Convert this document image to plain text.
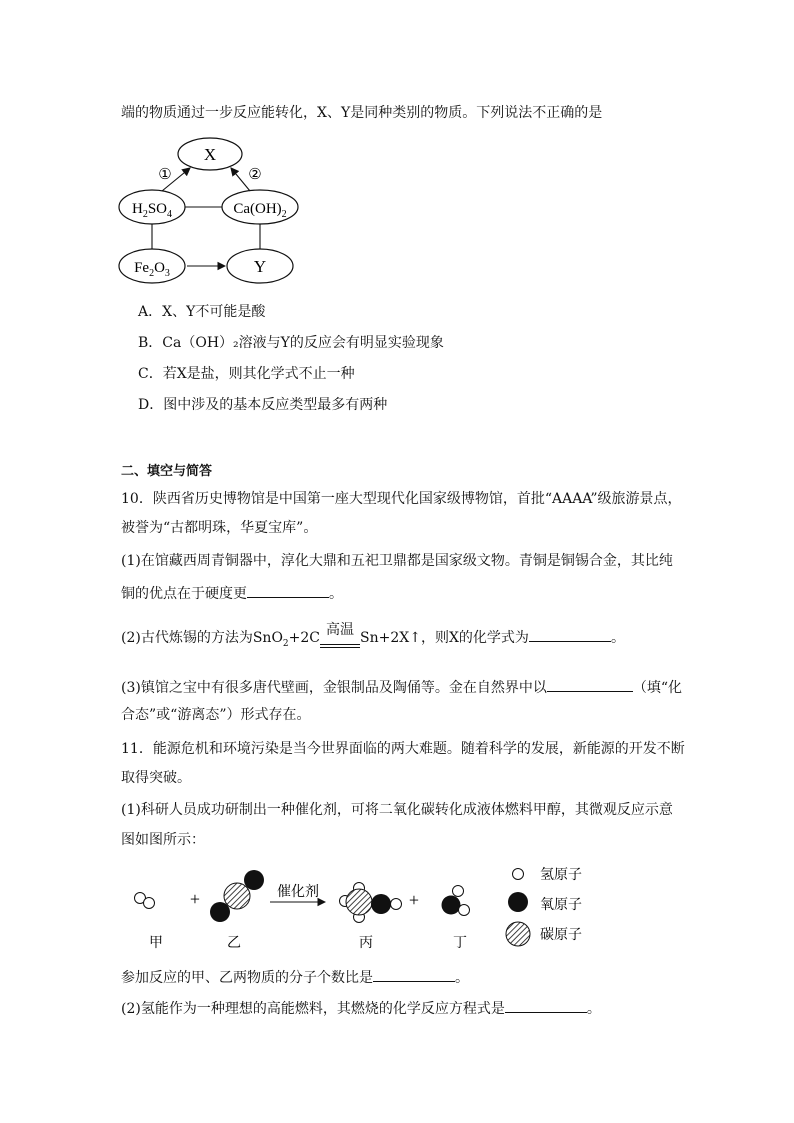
端的物质通过一步反应能转化，X、Y是同种类别的物质。下列说法不正确的是
X
$H_2SO_4$	$Ca(OH)_2$
$Fe_2O_3$	Y
①	②
A．X、Y不可能是酸
B．Ca（OH）₂溶液与Y的反应会有明显实验现象
C．若X是盐，则其化学式不止一种
D．图中涉及的基本反应类型最多有两种
二、填空与简答
10．陕西省历史博物馆是中国第一座大型现代化国家级博物馆，首批“AAAA”级旅游景点，
被誉为“古都明珠，华夏宝库”。
(1)在馆藏西周青铜器中，淳化大鼎和五祀卫鼎都是国家级文物。青铜是铜锡合金，其比纯
铜的优点在于硬度更	。
(2)古代炼锡的方法为SnO$_2$+2C 高温 Sn+2X↑，则X的化学式为	。
(3)镇馆之宝中有很多唐代壁画，金银制品及陶俑等。金在自然界中以	（填“化
合态”或“游离态”）形式存在。
11．能源危机和环境污染是当今世界面临的两大难题。随着科学的发展，新能源的开发不断
取得突破。
(1)科研人员成功研制出一种催化剂，可将二氧化碳转化成液体燃料甲醇，其微观反应示意
图如图所示：
+	催化剂	+
甲	乙	丙	丁
氢原子
氧原子
碳原子
参加反应的甲、乙两物质的分子个数比是	。
(2)氢能作为一种理想的高能燃料，其燃烧的化学反应方程式是	。
